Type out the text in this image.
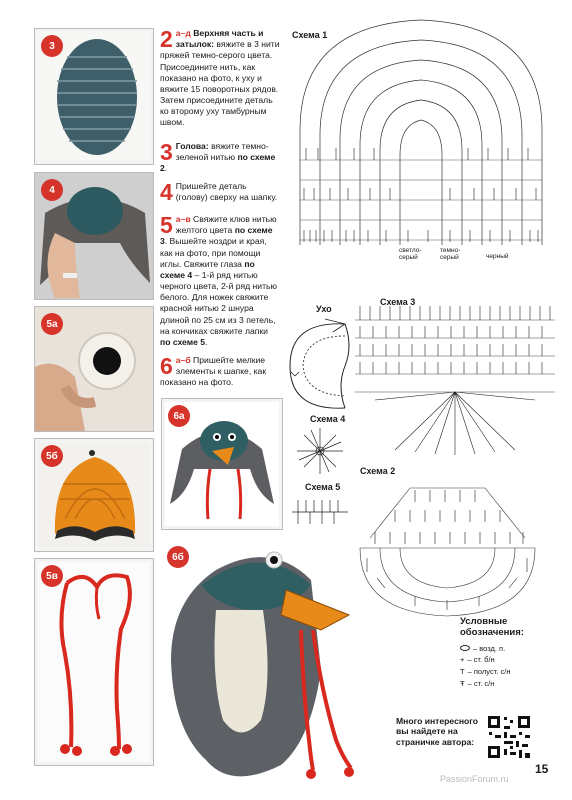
3
4
5а
5б
5в
2 а–д Верхняя часть и затылок: вяжите в 3 нити пряжей темно-серого цвета. Присоедините нить, как показано на фото, к уху и вяжите 15 поворотных рядов. Затем присоедините деталь ко второму уху тамбурным швом.
3 Голова: вяжите темно-зеленой нитью по схеме 2.
4 Пришейте деталь (голову) сверху на шапку.
5 а–в Свяжите клюв нитью желтого цвета по схеме 3. Вышейте ноздри и края, как на фото, при помощи иглы. Свяжите глаза по схеме 4 – 1-й ряд нитью черного цвета, 2-й ряд нитью белого. Для ножек свяжите красной нитью 2 шнура длиной по 25 см из 3 петель, на кончиках свяжите лапки по схеме 5.
6 а–б Пришейте мелкие элементы к шапке, как показано на фото.
6а
6б
Схема 1
светло-серый
темно-серый	черный
Ухо
Схема 3
Схема 4
Схема 5
Схема 2
Условные обозначения:
– возд. п.
+ – ст. б/н
T – полуст. с/н
Ŧ – ст. с/н
Много интересного вы найдете на страничке автора:
PassionForum.ru
15
